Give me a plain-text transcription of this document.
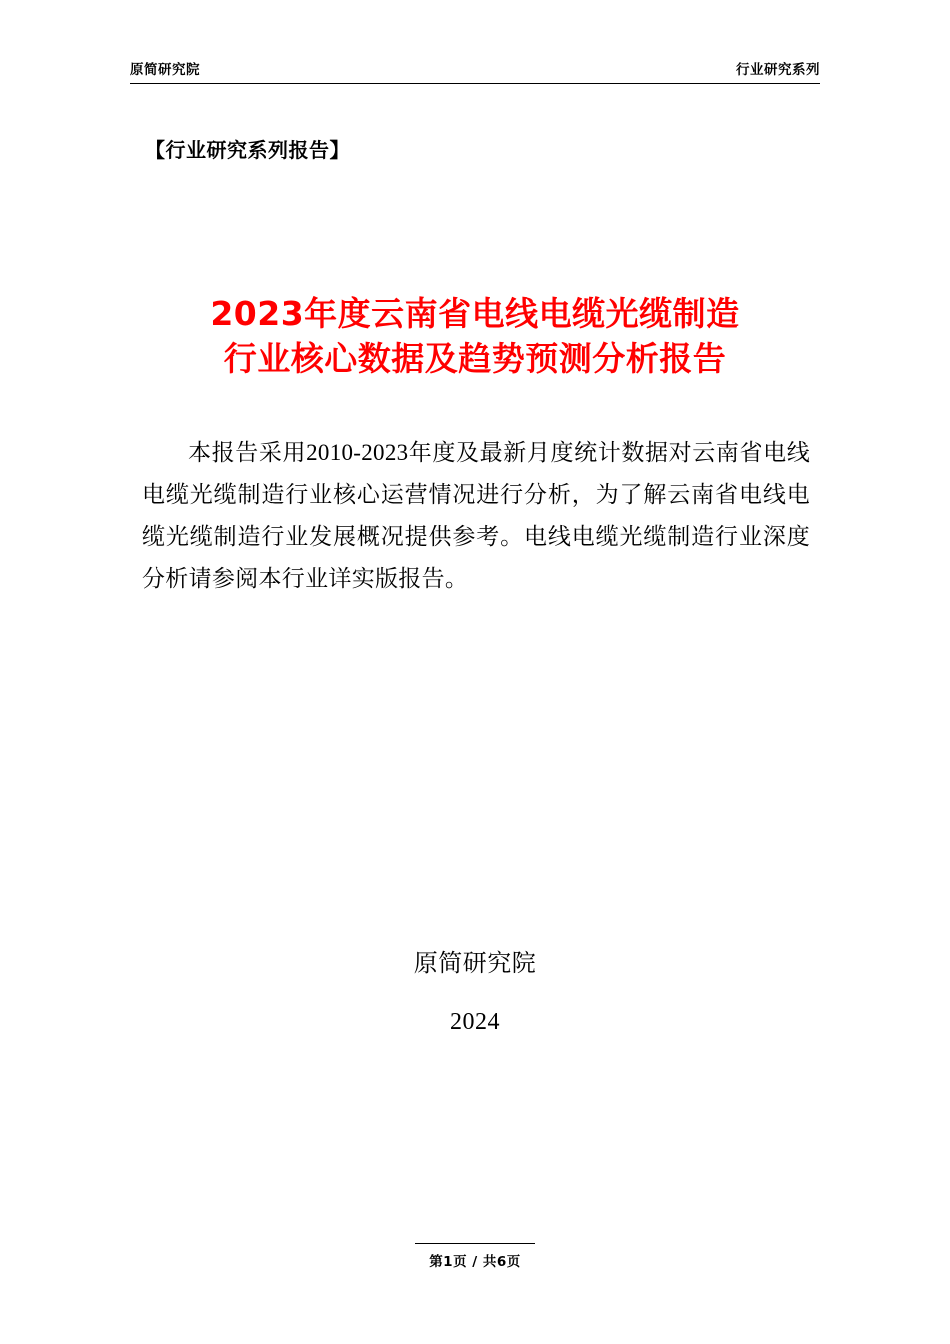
原简研究院	行业研究系列
【行业研究系列报告】
2023年度云南省电线电缆光缆制造
行业核心数据及趋势预测分析报告
本报告采用2010-2023年度及最新月度统计数据对云南省电线电缆光缆制造行业核心运营情况进行分析，为了解云南省电线电缆光缆制造行业发展概况提供参考。电线电缆光缆制造行业深度分析请参阅本行业详实版报告。
原简研究院
2024
第1页 / 共6页
